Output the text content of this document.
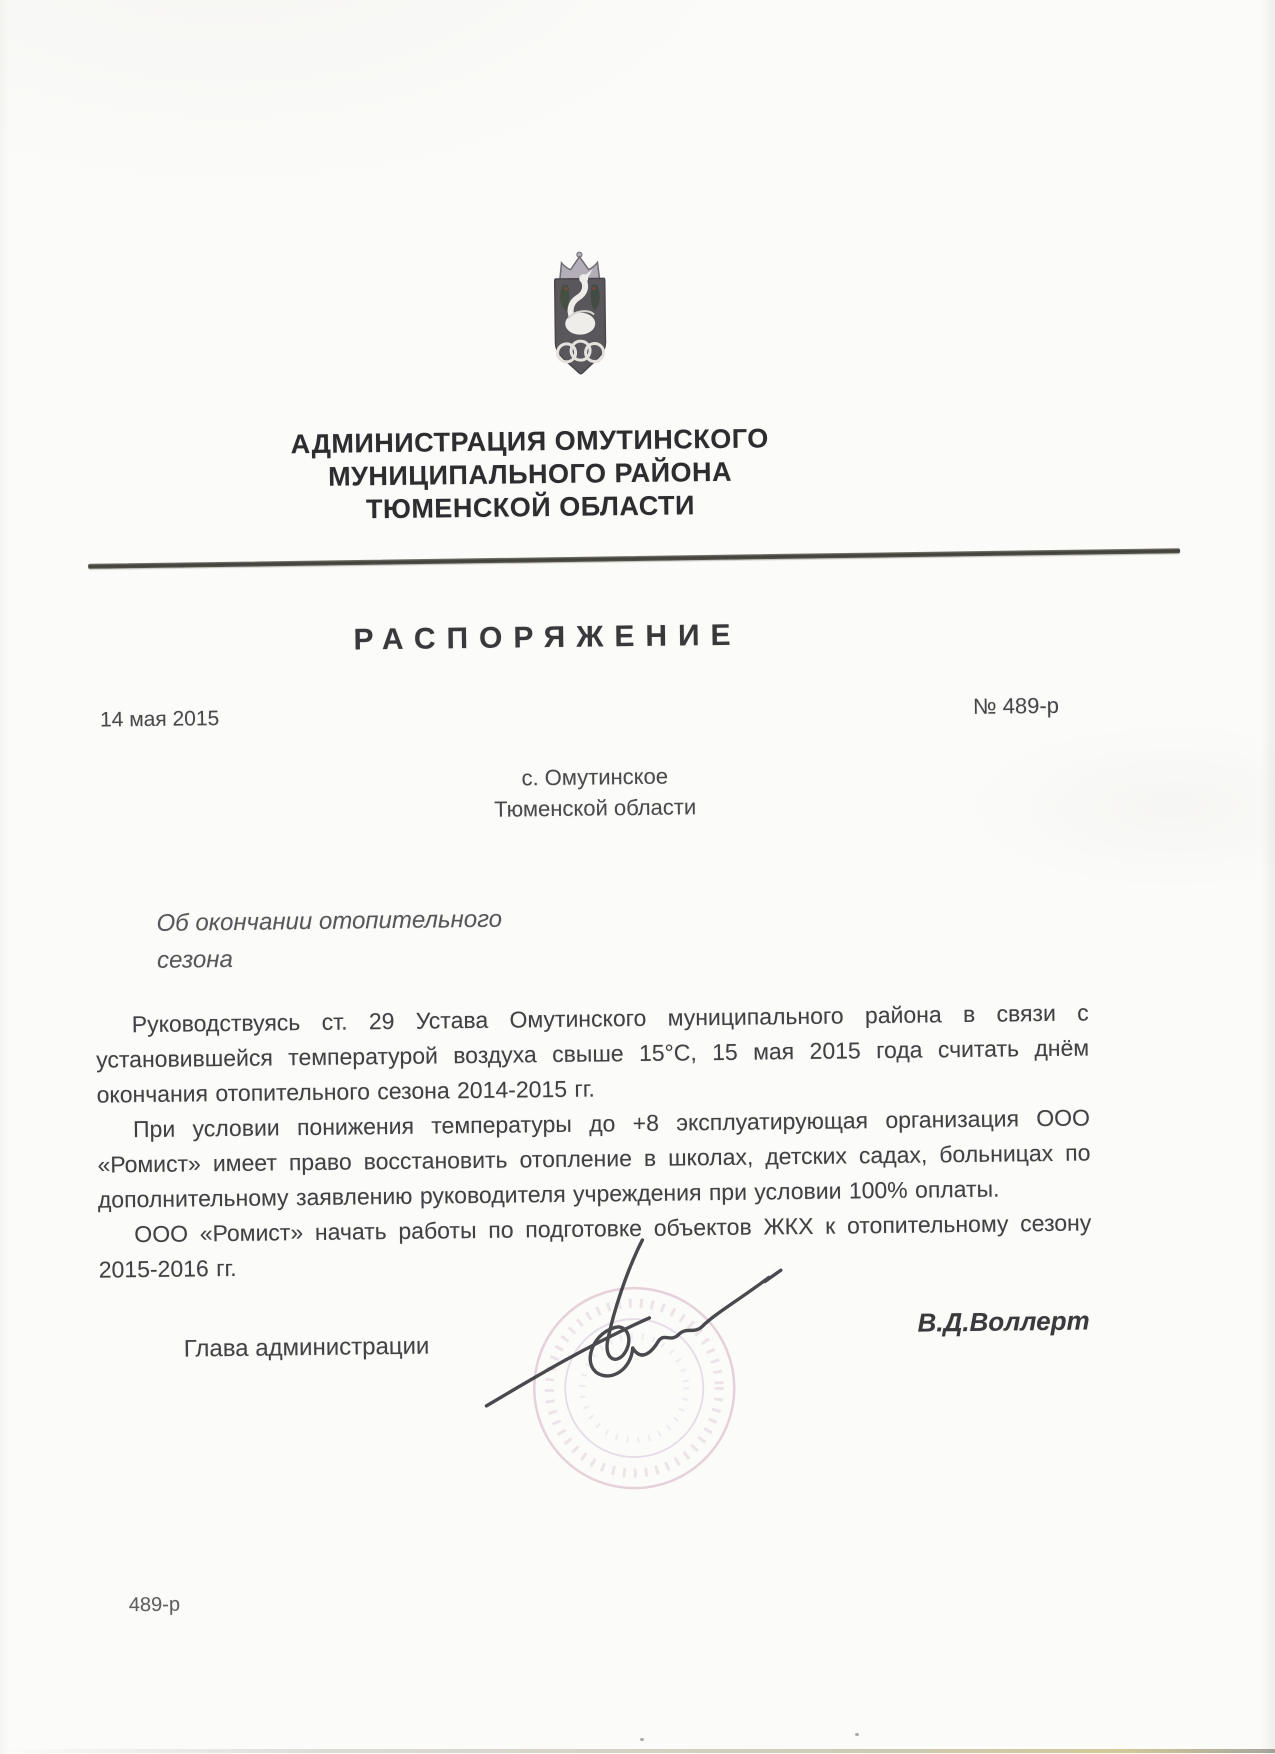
АДМИНИСТРАЦИЯ ОМУТИНСКОГО
МУНИЦИПАЛЬНОГО РАЙОНА
ТЮМЕНСКОЙ ОБЛАСТИ
РАСПОРЯЖЕНИЕ
14 мая 2015
№ 489-р
с. Омутинское
Тюменской области
Об окончании отопительного
сезона

Руководствуясь ст. 29 Устава Омутинского муниципального района в связи с установившейся температурой воздуха свыше 15°С, 15 мая 2015 года считать днём окончания отопительного сезона 2014-2015 гг.

При условии понижения температуры до +8 эксплуатирующая организация ООО «Ромист» имеет право восстановить отопление в школах, детских садах, больницах по дополнительному заявлению руководителя учреждения при условии 100% оплаты.

ООО «Ромист» начать работы по подготовке объектов ЖКХ к отопительному сезону 2015-2016 гг.

Глава администрации
В.Д.Воллерт
489-р
